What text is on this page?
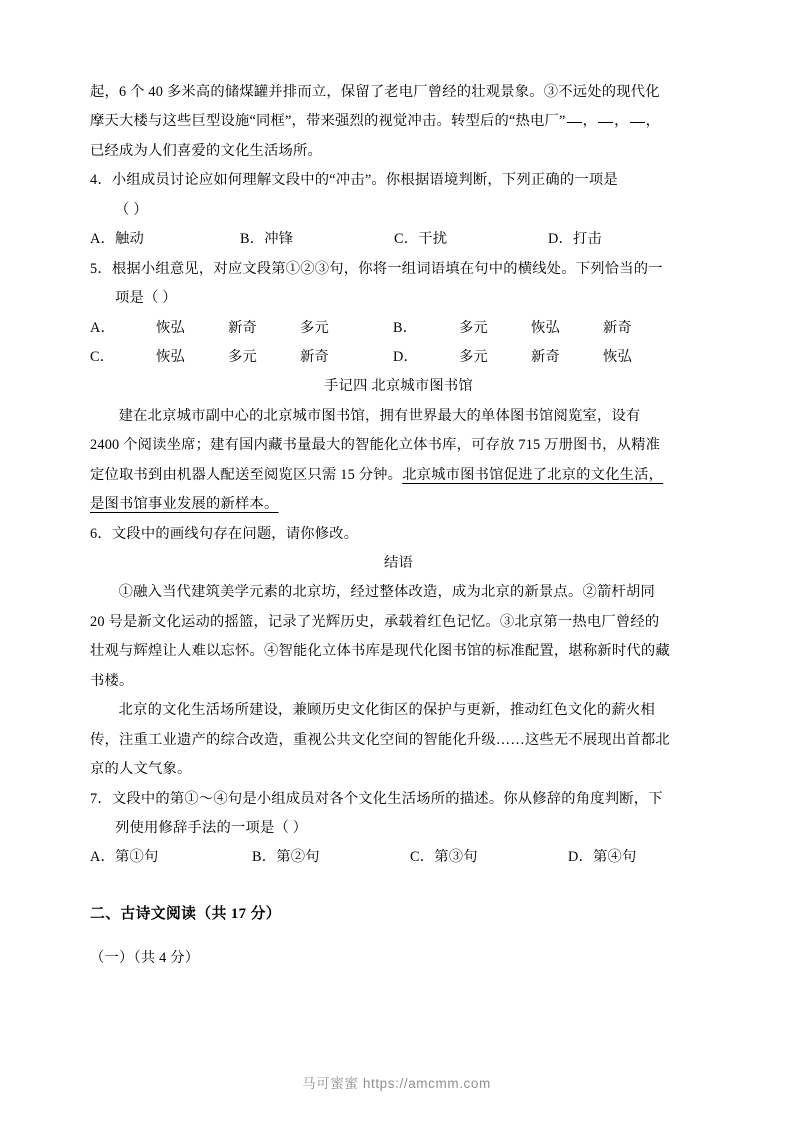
起，6 个 40 多米高的储煤罐并排而立，保留了老电厂曾经的壮观景象。③不远处的现代化

摩天大楼与这些巨型设施“同框”，带来强烈的视觉冲击。转型后的“热电厂” ， ， ，

已经成为人们喜爱的文化生活场所。

4．小组成员讨论应如何理解文段中的“冲击”。你根据语境判断，下列正确的一项是

（ ）

A．触动	B．冲锋	C．干扰	D．打击

5．根据小组意见，对应文段第①②③句，你将一组词语填在句中的横线处。下列恰当的一

项是（ ）

A．	恢弘	新奇	多元	B．	多元	恢弘	新奇
C．	恢弘	多元	新奇	D．	多元	新奇	恢弘

手记四 北京城市图书馆

建在北京城市副中心的北京城市图书馆，拥有世界最大的单体图书馆阅览室，设有

2400 个阅读坐席；建有国内藏书量最大的智能化立体书库，可存放 715 万册图书，从精准

定位取书到由机器人配送至阅览区只需 15 分钟。北京城市图书馆促进了北京的文化生活，

是图书馆事业发展的新样本。

6．文段中的画线句存在问题，请你修改。

结语

①融入当代建筑美学元素的北京坊，经过整体改造，成为北京的新景点。②箭杆胡同

20 号是新文化运动的摇篮，记录了光辉历史，承载着红色记忆。③北京第一热电厂曾经的

壮观与辉煌让人难以忘怀。④智能化立体书库是现代化图书馆的标准配置，堪称新时代的藏

书楼。

北京的文化生活场所建设，兼顾历史文化街区的保护与更新，推动红色文化的薪火相

传，注重工业遗产的综合改造，重视公共文化空间的智能化升级……这些无不展现出首都北

京的人文气象。

7．文段中的第①～④句是小组成员对各个文化生活场所的描述。你从修辞的角度判断，下

列使用修辞手法的一项是（ ）

A．第①句	B．第②句	C．第③句	D．第④句

二、古诗文阅读（共 17 分）

（一）（共 4 分）

马可蜜蜜 https://amcmm.com
